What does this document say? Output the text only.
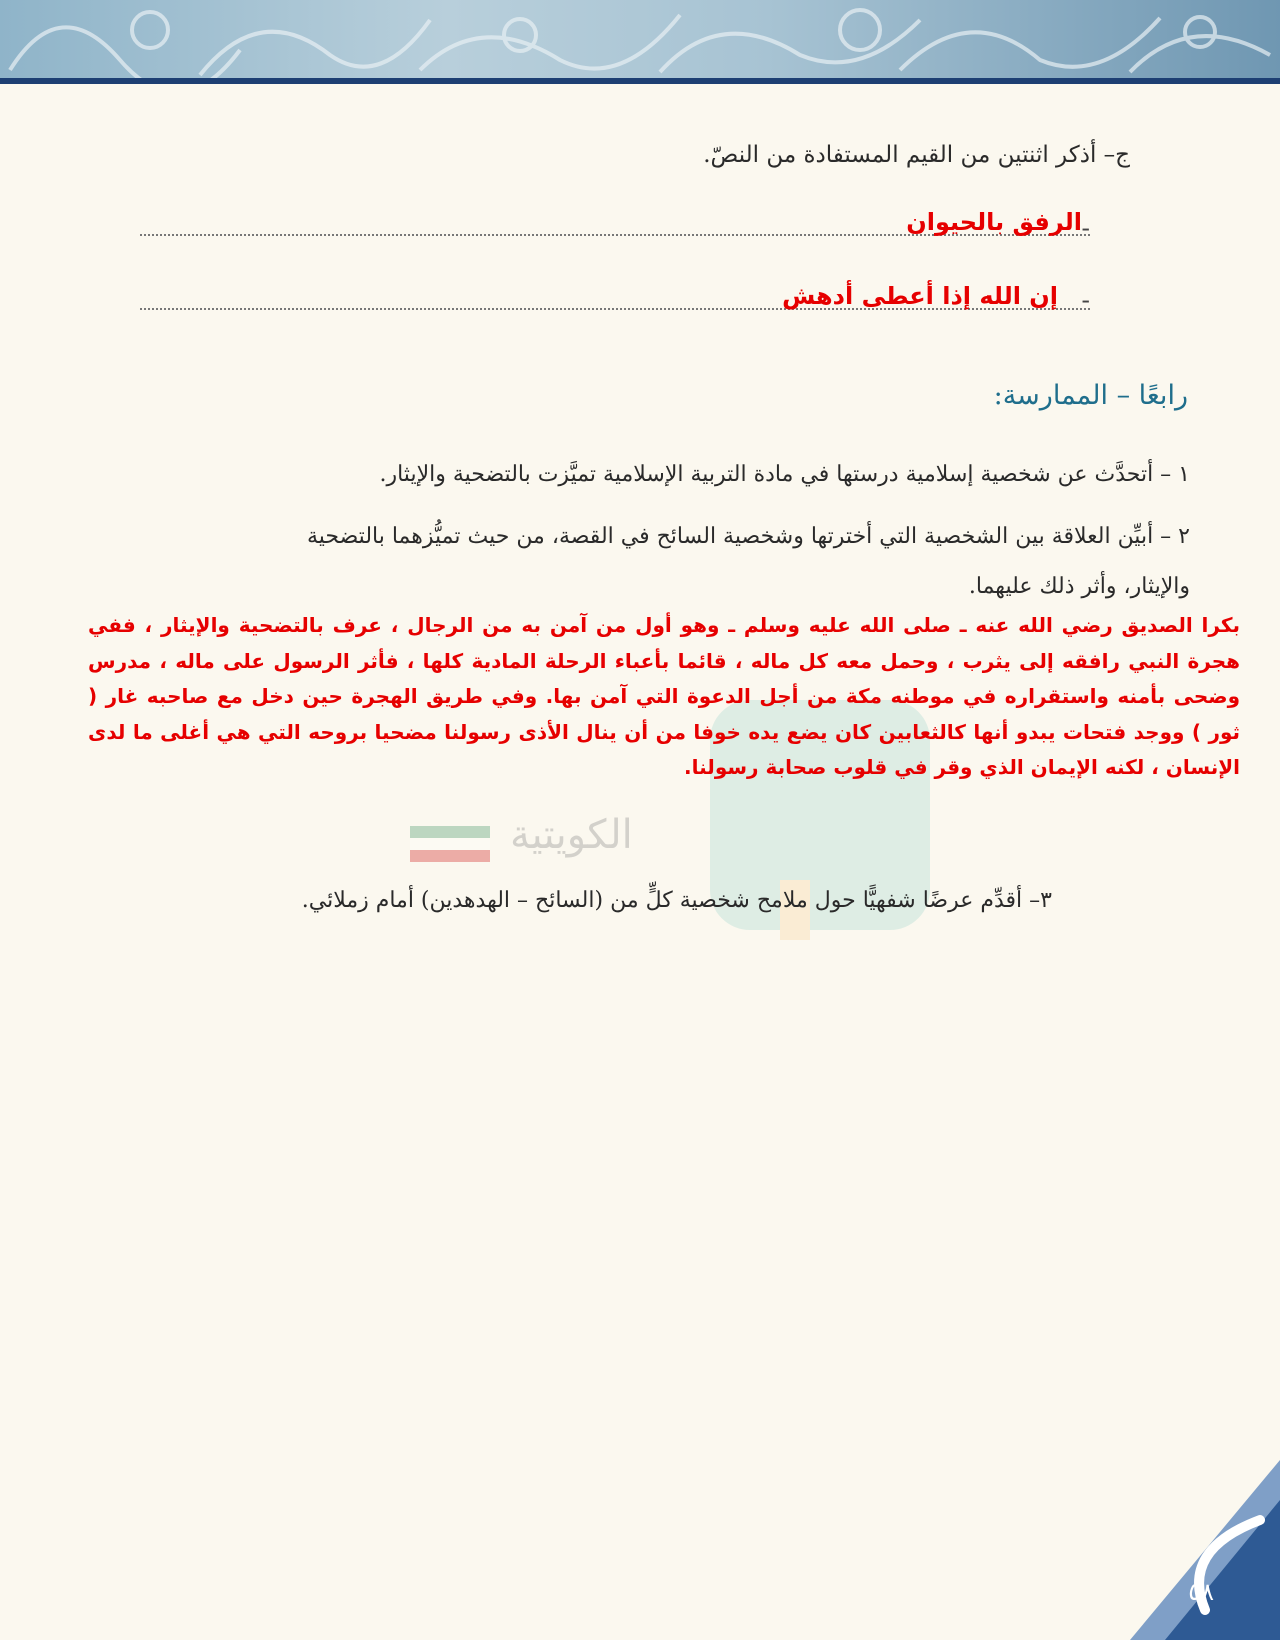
ج– أذكر اثنتين من القيم المستفادة من النصّ.
-
الرفق بالحيوان
-
إن الله إذا أعطى أدهش
رابعًا – الممارسة:
١ – أتحدَّث عن شخصية إسلامية درستها في مادة التربية الإسلامية تميَّزت بالتضحية والإيثار.
٢ – أبيِّن العلاقة بين الشخصية التي أخترتها وشخصية السائح في القصة، من حيث تميُّزهما بالتضحية
والإيثار، وأثر ذلك عليهما.
الكويتية
بكرا الصديق رضي الله عنه ـ صلى الله عليه وسلم ـ وهو أول من آمن به من الرجال ، عرف بالتضحية والإيثار ، ففي هجرة النبي رافقه إلى يثرب ، وحمل معه كل ماله ، قائما بأعباء الرحلة المادية كلها ، فأثر الرسول على ماله ، مدرس وضحى بأمنه واستقراره في موطنه مكة من أجل الدعوة التي آمن بها. وفي طريق الهجرة حين دخل مع صاحبه غار ( ثور ) ووجد فتحات يبدو أنها كالثعابين كان يضع يده خوفا من أن ينال الأذى رسولنا مضحيا بروحه التي هي أغلى ما لدى الإنسان ، لكنه الإيمان الذي وقر في قلوب صحابة رسولنا.
٣– أقدِّم عرضًا شفهيًّا حول ملامح شخصية كلٍّ من (السائح – الهدهدين) أمام زملائي.
٥٨
